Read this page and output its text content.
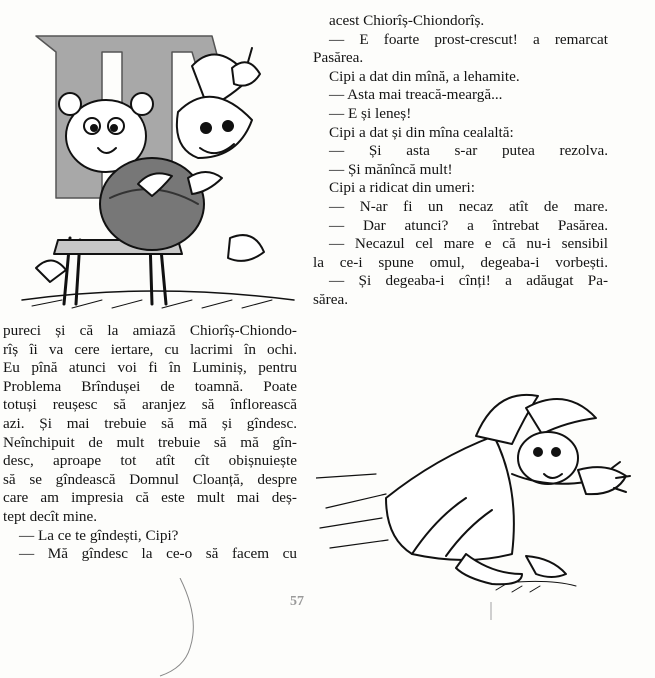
pureci și că la amiază Chiorîș-Chiondo-

rîș îi va cere iertare, cu lacrimi în ochi.

Eu pînă atunci voi fi în Luminiș, pentru

Problema Brîndușei de toamnă. Poate

totuși reușesc să aranjez să înflorească

azi. Și mai trebuie să mă și gîndesc.

Neînchipuit de mult trebuie să mă gîn-

desc, aproape tot atît cît obișnuiește

să se gîndească Domnul Cloanță, despre

care am impresia că este mult mai deș-

tept decît mine.

— La ce te gîndești, Cipi?

— Mă gîndesc la ce-o să facem cu

acest Chiorîș-Chiondorîș.

— E foarte prost-crescut! a remarcat

Pasărea.

Cipi a dat din mînă, a lehamite.

— Asta mai treacă-meargă...

— E și leneș!

Cipi a dat și din mîna cealaltă:

— Și asta s-ar putea rezolva.

— Și mănîncă mult!

Cipi a ridicat din umeri:

— N-ar fi un necaz atît de mare.

— Dar atunci? a întrebat Pasărea.

— Necazul cel mare e că nu-i sensibil

la ce-i spune omul, degeaba-i vorbești.

— Și degeaba-i cînți! a adăugat Pa-

sărea.

57
